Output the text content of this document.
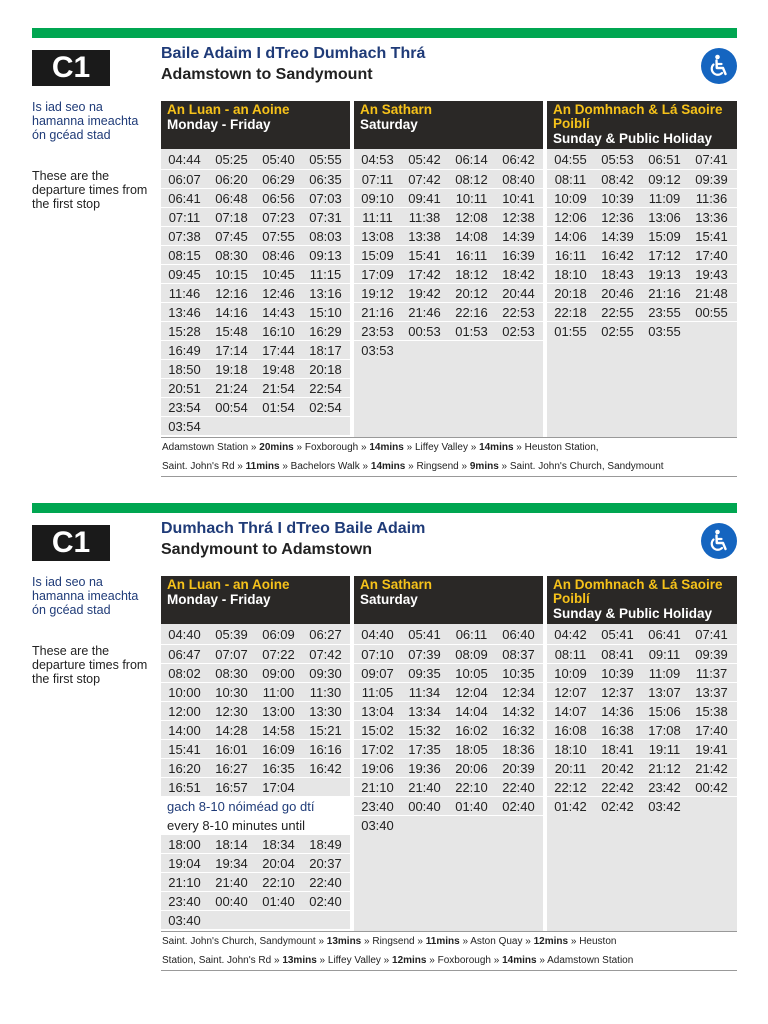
C1	Baile Adaim I dTreo Dumhach Thrá
Adamstown to Sandymount
Is iad seo na hamanna imeachta ón gcéad stad
These are the departure times from the first stop
An Luan - an Aoine
Monday - Friday
04:44	05:25	05:40	05:55
06:07	06:20	06:29	06:35
06:41	06:48	06:56	07:03
07:11	07:18	07:23	07:31
07:38	07:45	07:55	08:03
08:15	08:30	08:46	09:13
09:45	10:15	10:45	11:15
11:46	12:16	12:46	13:16
13:46	14:16	14:43	15:10
15:28	15:48	16:10	16:29
16:49	17:14	17:44	18:17
18:50	19:18	19:48	20:18
20:51	21:24	21:54	22:54
23:54	00:54	01:54	02:54
03:54
An Satharn
Saturday
04:53	05:42	06:14	06:42
07:11	07:42	08:12	08:40
09:10	09:41	10:11	10:41
11:11	11:38	12:08	12:38
13:08	13:38	14:08	14:39
15:09	15:41	16:11	16:39
17:09	17:42	18:12	18:42
19:12	19:42	20:12	20:44
21:16	21:46	22:16	22:53
23:53	00:53	01:53	02:53
03:53
An Domhnach & Lá Saoire Poiblí
Sunday & Public Holiday
04:55	05:53	06:51	07:41
08:11	08:42	09:12	09:39
10:09	10:39	11:09	11:36
12:06	12:36	13:06	13:36
14:06	14:39	15:09	15:41
16:11	16:42	17:12	17:40
18:10	18:43	19:13	19:43
20:18	20:46	21:16	21:48
22:18	22:55	23:55	00:55
01:55	02:55	03:55

Adamstown Station » 20mins » Foxborough » 14mins » Liffey Valley » 14mins » Heuston Station,

Saint. John's Rd » 11mins » Bachelors Walk » 14mins » Ringsend » 9mins » Saint. John's Church, Sandymount

C1	Dumhach Thrá I dTreo Baile Adaim
Sandymount to Adamstown
Is iad seo na hamanna imeachta ón gcéad stad
These are the departure times from the first stop
An Luan - an Aoine
Monday - Friday
04:40	05:39	06:09	06:27
06:47	07:07	07:22	07:42
08:02	08:30	09:00	09:30
10:00	10:30	11:00	11:30
12:00	12:30	13:00	13:30
14:00	14:28	14:58	15:21
15:41	16:01	16:09	16:16
16:20	16:27	16:35	16:42
16:51	16:57	17:04
gach 8-10 nóiméad go dtí
every 8-10 minutes until
18:00	18:14	18:34	18:49
19:04	19:34	20:04	20:37
21:10	21:40	22:10	22:40
23:40	00:40	01:40	02:40
03:40
An Satharn
Saturday
04:40	05:41	06:11	06:40
07:10	07:39	08:09	08:37
09:07	09:35	10:05	10:35
11:05	11:34	12:04	12:34
13:04	13:34	14:04	14:32
15:02	15:32	16:02	16:32
17:02	17:35	18:05	18:36
19:06	19:36	20:06	20:39
21:10	21:40	22:10	22:40
23:40	00:40	01:40	02:40
03:40
An Domhnach & Lá Saoire Poiblí
Sunday & Public Holiday
04:42	05:41	06:41	07:41
08:11	08:41	09:11	09:39
10:09	10:39	11:09	11:37
12:07	12:37	13:07	13:37
14:07	14:36	15:06	15:38
16:08	16:38	17:08	17:40
18:10	18:41	19:11	19:41
20:11	20:42	21:12	21:42
22:12	22:42	23:42	00:42
01:42	02:42	03:42

Saint. John's Church, Sandymount » 13mins » Ringsend » 11mins » Aston Quay » 12mins » Heuston

Station, Saint. John's Rd » 13mins » Liffey Valley » 12mins » Foxborough » 14mins » Adamstown Station
